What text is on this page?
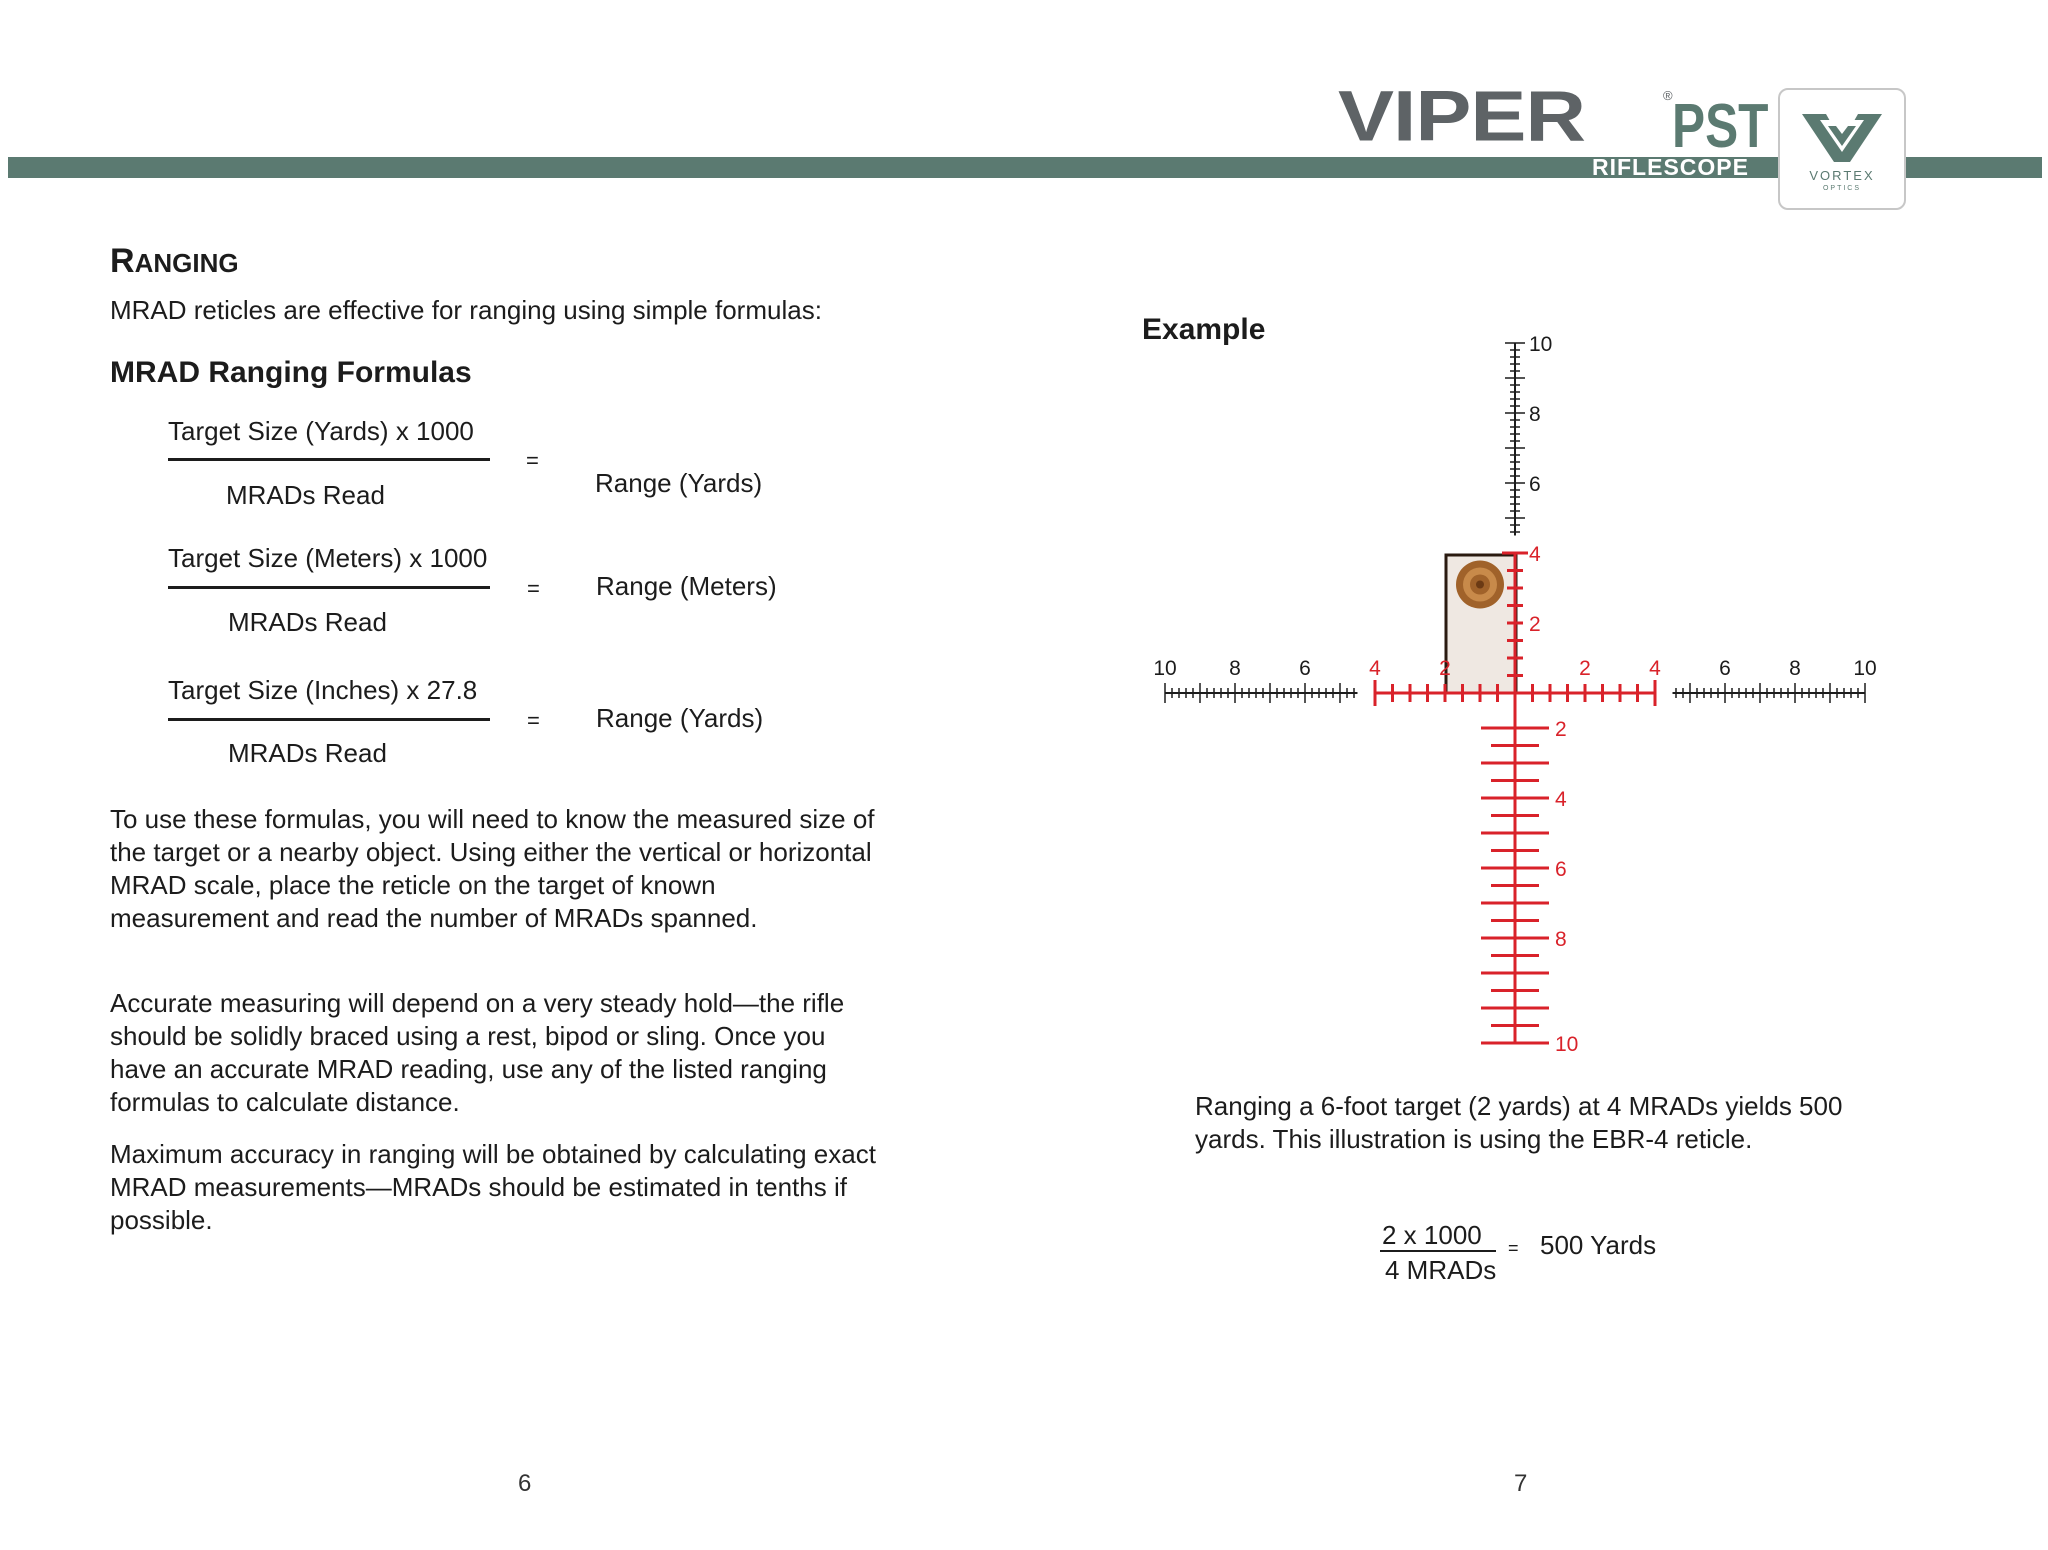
VIPER	® PST
RIFLESCOPE	VORTEX
OPTICS
RANGING
MRAD reticles are effective for ranging using simple formulas:
MRAD Ranging Formulas
Target Size (Yards) x 1000
MRADs Read
=
Range (Yards)
Target Size (Meters) x 1000
MRADs Read
= Range (Meters)
Target Size (Inches) x 27.8
MRADs Read
= Range (Yards)
To use these formulas, you will need to know the measured size of the target or a nearby object. Using either the vertical or horizontal MRAD scale, place the reticle on the target of known measurement and read the number of MRADs spanned.
Accurate measuring will depend on a very steady hold—the rifle should be solidly braced using a rest, bipod or sling. Once you have an accurate MRAD reading, use any of the listed ranging formulas to calculate distance.
Maximum accuracy in ranging will be obtained by calculating exact MRAD measurements—MRADs should be estimated in tenths if possible.
6
Example
10 8	6	4	2	2	4	6	8 10
10
8
6
4
2
2
4
6
8
10
Ranging a 6-foot target (2 yards) at 4 MRADs yields 500 yards. This illustration is using the EBR-4 reticle.
2 x 1000
4 MRADs
= 500 Yards
7
